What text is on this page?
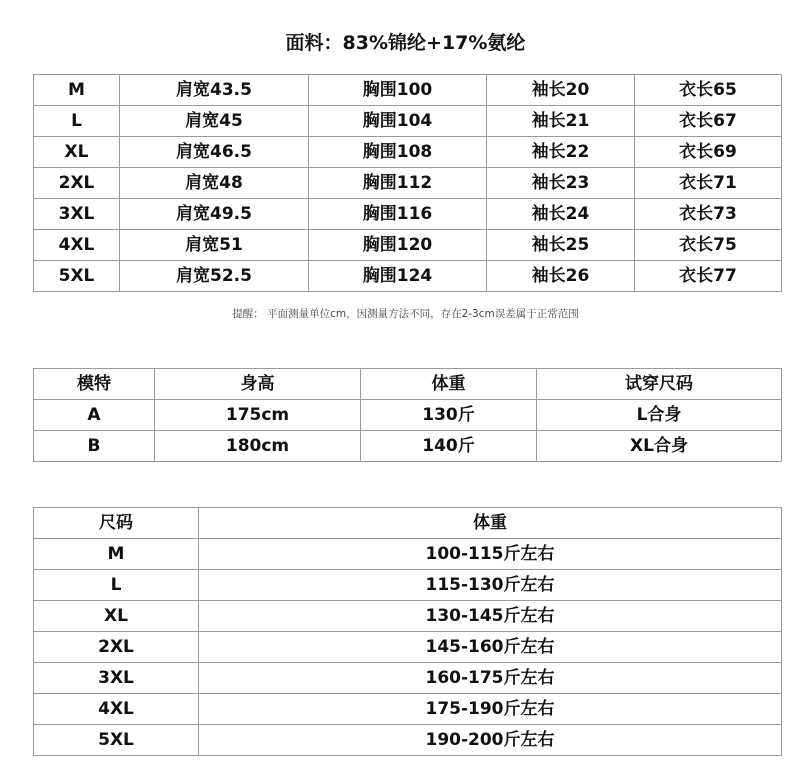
面料：83%锦纶+17%氨纶
M	肩宽43.5	胸围100	袖长20	衣长65
L	肩宽45	胸围104	袖长21	衣长67
XL	肩宽46.5	胸围108	袖长22	衣长69
2XL	肩宽48	胸围112	袖长23	衣长71
3XL	肩宽49.5	胸围116	袖长24	衣长73
4XL	肩宽51	胸围120	袖长25	衣长75
5XL	肩宽52.5	胸围124	袖长26	衣长77
提醒： 平面测量单位cm，因测量方法不同，存在2-3cm误差属于正常范围
模特	身高	体重	试穿尺码
A	175cm	130斤	L合身
B	180cm	140斤	XL合身
尺码	体重
M	100-115斤左右
L	115-130斤左右
XL	130-145斤左右
2XL	145-160斤左右
3XL	160-175斤左右
4XL	175-190斤左右
5XL	190-200斤左右
